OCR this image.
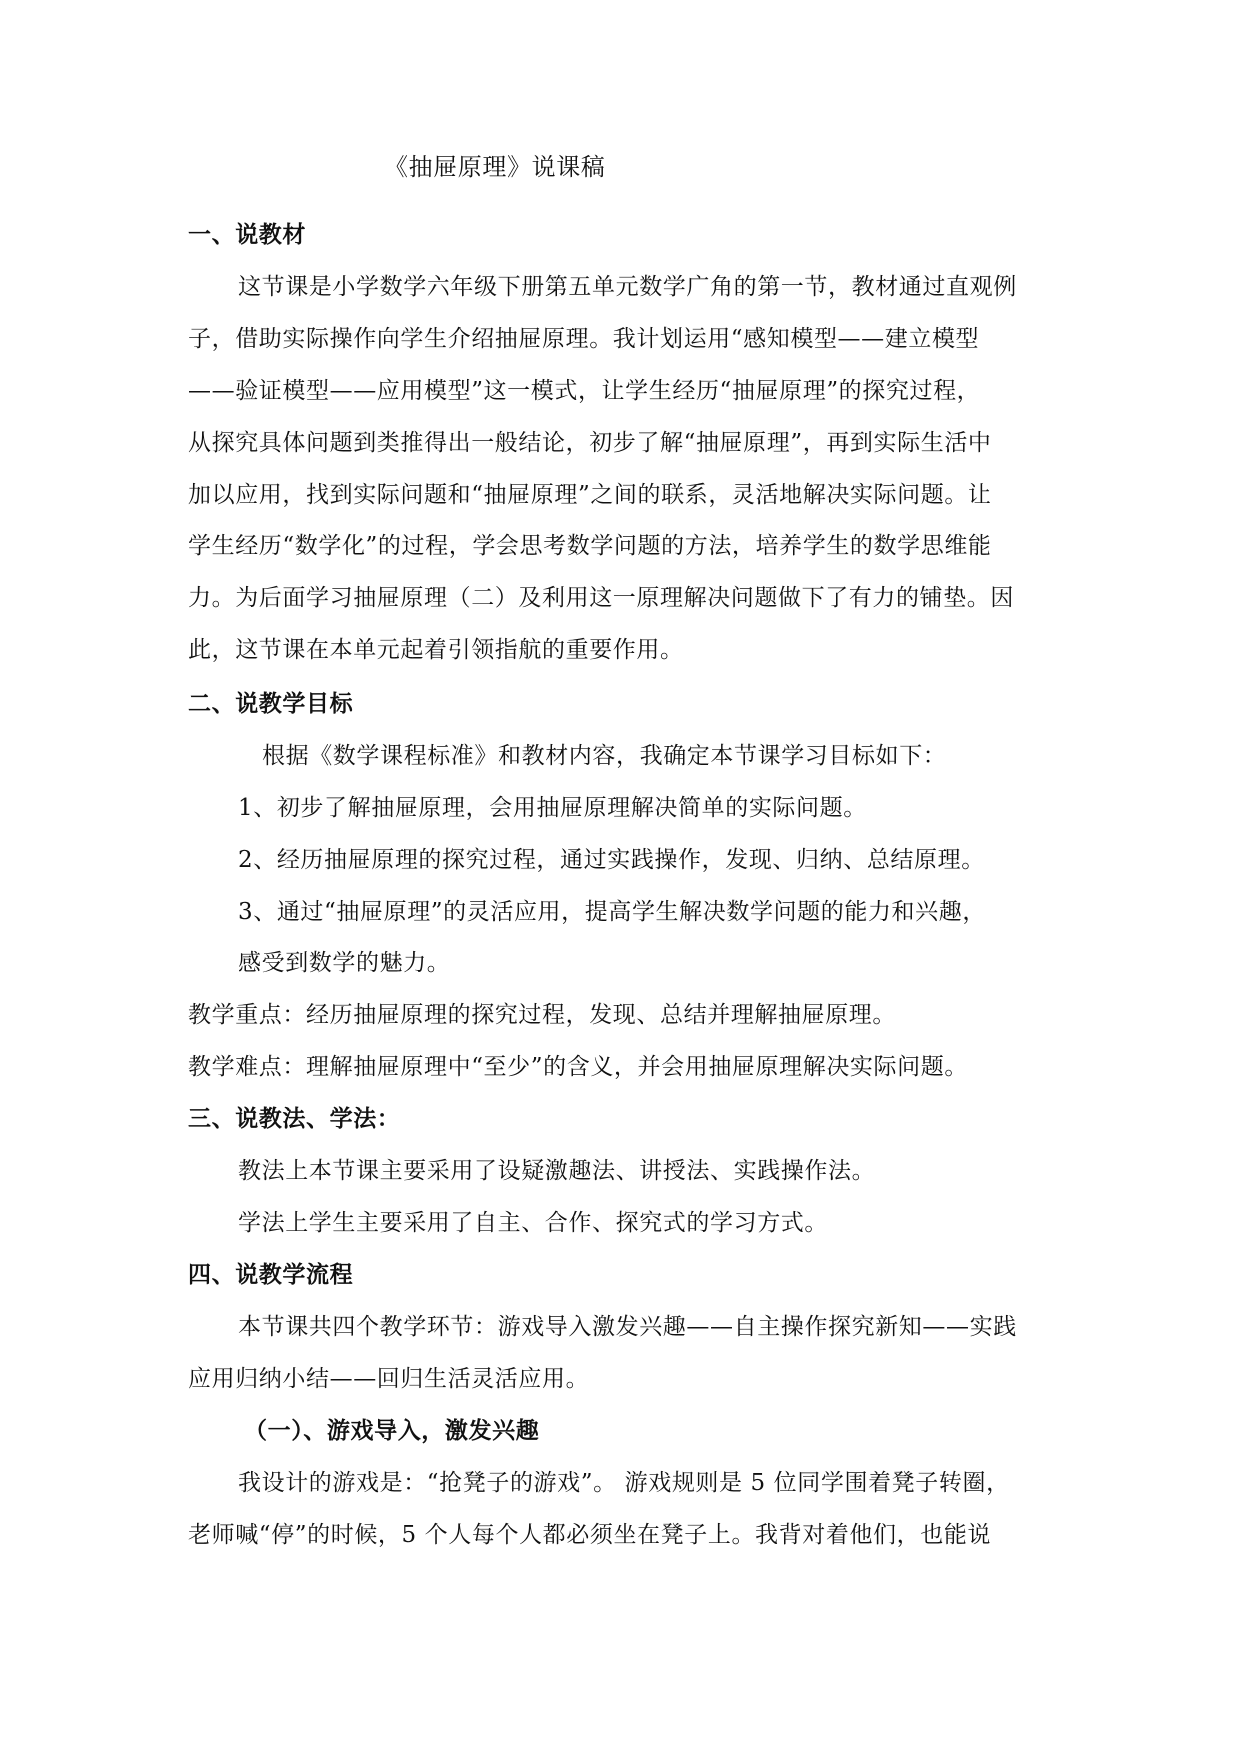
《抽屉原理》说课稿

一、说教材

这节课是小学数学六年级下册第五单元数学广角的第一节，教材通过直观例

子，借助实际操作向学生介绍抽屉原理。我计划运用“感知模型——建立模型

——验证模型——应用模型”这一模式，让学生经历“抽屉原理”的探究过程，

从探究具体问题到类推得出一般结论，初步了解“抽屉原理”，再到实际生活中

加以应用，找到实际问题和“抽屉原理”之间的联系，灵活地解决实际问题。让

学生经历“数学化”的过程，学会思考数学问题的方法，培养学生的数学思维能

力。为后面学习抽屉原理（二）及利用这一原理解决问题做下了有力的铺垫。因

此，这节课在本单元起着引领指航的重要作用。

二、说教学目标

根据《数学课程标准》和教材内容，我确定本节课学习目标如下：

1、初步了解抽屉原理，会用抽屉原理解决简单的实际问题。

2、经历抽屉原理的探究过程，通过实践操作，发现、归纳、总结原理。

3、通过“抽屉原理”的灵活应用，提高学生解决数学问题的能力和兴趣，

感受到数学的魅力。

教学重点：经历抽屉原理的探究过程，发现、总结并理解抽屉原理。

教学难点：理解抽屉原理中“至少”的含义，并会用抽屉原理解决实际问题。

三、说教法、学法：

教法上本节课主要采用了设疑激趣法、讲授法、实践操作法。

学法上学生主要采用了自主、合作、探究式的学习方式。

四、说教学流程

本节课共四个教学环节：游戏导入激发兴趣——自主操作探究新知——实践

应用归纳小结——回归生活灵活应用。

（一）、游戏导入，激发兴趣

我设计的游戏是：“抢凳子的游戏”。 游戏规则是 5 位同学围着凳子转圈，

老师喊“停”的时候，5 个人每个人都必须坐在凳子上。我背对着他们，也能说
